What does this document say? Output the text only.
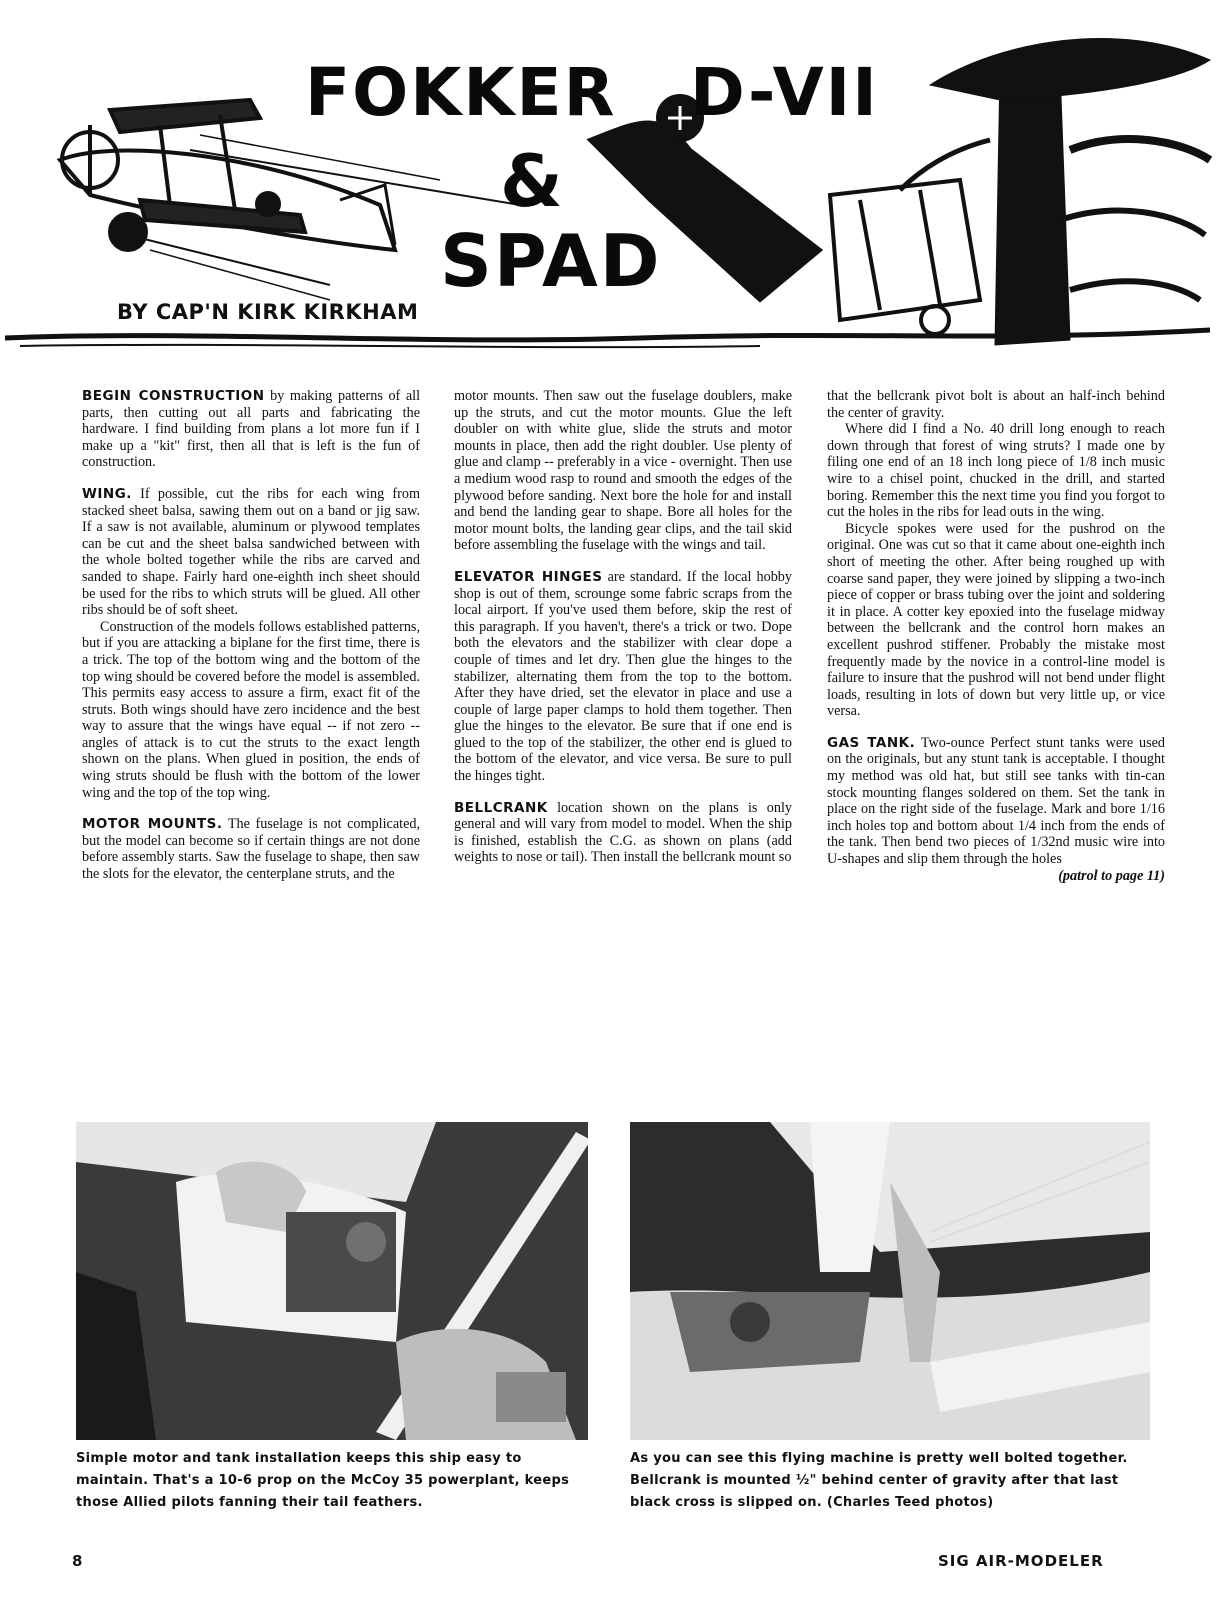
FOKKER D-VII
&
SPAD
BY CAP'N KIRK KIRKHAM

BEGIN CONSTRUCTION by making patterns of all parts, then cutting out all parts and fabricating the hardware. I find building from plans a lot more fun if I make up a "kit" first, then all that is left is the fun of construction.

WING. If possible, cut the ribs for each wing from stacked sheet balsa, sawing them out on a band or jig saw. If a saw is not available, aluminum or plywood templates can be cut and the sheet balsa sandwiched between with the whole bolted together while the ribs are carved and sanded to shape. Fairly hard one-eighth inch sheet should be used for the ribs to which struts will be glued. All other ribs should be of soft sheet.

Construction of the models follows established patterns, but if you are attacking a biplane for the first time, there is a trick. The top of the bottom wing and the bottom of the top wing should be covered before the model is assembled. This permits easy access to assure a firm, exact fit of the struts. Both wings should have zero incidence and the best way to assure that the wings have equal -- if not zero -- angles of attack is to cut the struts to the exact length shown on the plans. When glued in position, the ends of wing struts should be flush with the bottom of the lower wing and the top of the top wing.

MOTOR MOUNTS. The fuselage is not complicated, but the model can become so if certain things are not done before assembly starts. Saw the fuselage to shape, then saw the slots for the elevator, the centerplane struts, and the

motor mounts. Then saw out the fuselage doublers, make up the struts, and cut the motor mounts. Glue the left doubler on with white glue, slide the struts and motor mounts in place, then add the right doubler. Use plenty of glue and clamp -- preferably in a vice - overnight. Then use a medium wood rasp to round and smooth the edges of the plywood before sanding. Next bore the hole for and install and bend the landing gear to shape. Bore all holes for the motor mount bolts, the landing gear clips, and the tail skid before assembling the fuselage with the wings and tail.

ELEVATOR HINGES are standard. If the local hobby shop is out of them, scrounge some fabric scraps from the local airport. If you've used them before, skip the rest of this paragraph. If you haven't, there's a trick or two. Dope both the elevators and the stabilizer with clear dope a couple of times and let dry. Then glue the hinges to the stabilizer, alternating them from the top to the bottom. After they have dried, set the elevator in place and use a couple of large paper clamps to hold them together. Then glue the hinges to the elevator. Be sure that if one end is glued to the top of the stabilizer, the other end is glued to the bottom of the elevator, and vice versa. Be sure to pull the hinges tight.

BELLCRANK location shown on the plans is only general and will vary from model to model. When the ship is finished, establish the C.G. as shown on plans (add weights to nose or tail). Then install the bellcrank mount so

that the bellcrank pivot bolt is about an half-inch behind the center of gravity.

Where did I find a No. 40 drill long enough to reach down through that forest of wing struts? I made one by filing one end of an 18 inch long piece of 1/8 inch music wire to a chisel point, chucked in the drill, and started boring. Remember this the next time you find you forgot to cut the holes in the ribs for lead outs in the wing.

Bicycle spokes were used for the pushrod on the original. One was cut so that it came about one-eighth inch short of meeting the other. After being roughed up with coarse sand paper, they were joined by slipping a two-inch piece of copper or brass tubing over the joint and soldering it in place. A cotter key epoxied into the fuselage midway between the bellcrank and the control horn makes an excellent pushrod stiffener. Probably the mistake most frequently made by the novice in a control-line model is failure to insure that the pushrod will not bend under flight loads, resulting in lots of down but very little up, or vice versa.

GAS TANK. Two-ounce Perfect stunt tanks were used on the originals, but any stunt tank is acceptable. I thought my method was old hat, but still see tanks with tin-can stock mounting flanges soldered on them. Set the tank in place on the right side of the fuselage. Mark and bore 1/16 inch holes top and bottom about 1/4 inch from the ends of the tank. Then bend two pieces of 1/32nd music wire into U-shapes and slip them through the holes

(patrol to page 11)

Simple motor and tank installation keeps this ship easy to maintain. That's a 10-6 prop on the McCoy 35 powerplant, keeps those Allied pilots fanning their tail feathers.
As you can see this flying machine is pretty well bolted together. Bellcrank is mounted ½" behind center of gravity after that last black cross is slipped on. (Charles Teed photos)
8	SIG AIR-MODELER
